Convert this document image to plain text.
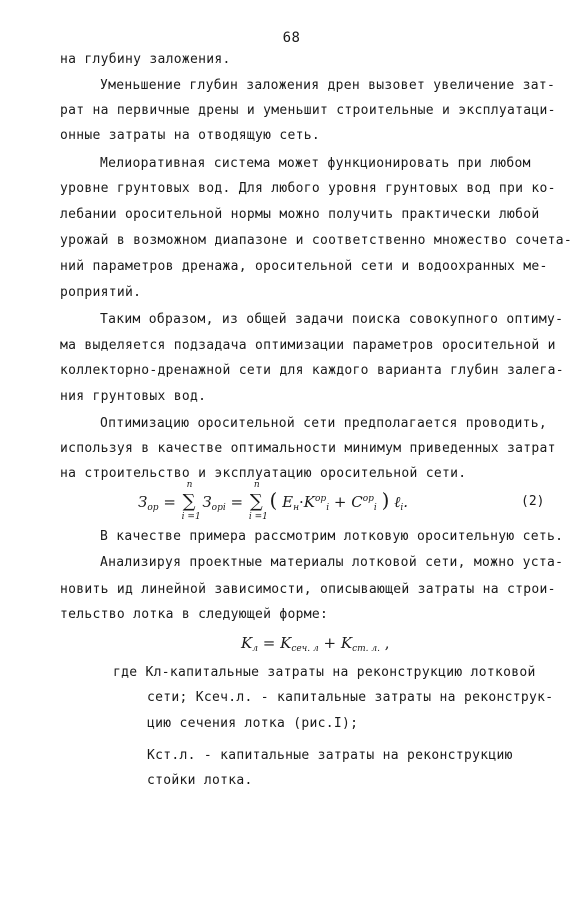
68
на глубину заложения.
Уменьшение глубин заложения дрен вызовет увеличение зат-
рат на первичные дрены и уменьшит строительные и эксплуатаци-
онные затраты на отводящую сеть.
Мелиоративная система может функционировать при любом
уровне грунтовых вод. Для любого уровня грунтовых вод при ко-
лебании оросительной нормы можно получить практически любой
урожай в возможном диапазоне и соответственно множество сочета-
ний параметров дренажа, оросительной сети и водоохранных ме-
роприятий.
Таким образом, из общей задачи поиска совокупного оптиму-
ма выделяется подзадача оптимизации параметров оросительной и
коллекторно-дренажной сети для каждого варианта глубин залега-
ния грунтовых вод.
Оптимизацию оросительной сети предполагается проводить,
используя в качестве оптимальности минимум приведенных затрат
на строительство и эксплуатацию оросительной сети.
$З_{ор}$ = ∑
n
i =1
$З_{орi}$ = ∑
n
i =1
( $E_н\cdot K^{ор}_i + C^{ор}_i$ ) ℓ$_i$.	(2)
В качестве примера рассмотрим лотковую оросительную сеть.
Анализируя проектные материалы лотковой сети, можно уста-
новить ид линейной зависимости, описывающей затраты на строи-
тельство лотка в следующей форме:
$K_л = K_{сеч. л} + K_{ст. л.}$ ,
где Кл-капитальные затраты на реконструкцию лотковой
сети; Ксеч.л. - капитальные затраты на реконструк-
цию сечения лотка (рис.I);
Кст.л. - капитальные затраты на реконструкцию
стойки лотка.
